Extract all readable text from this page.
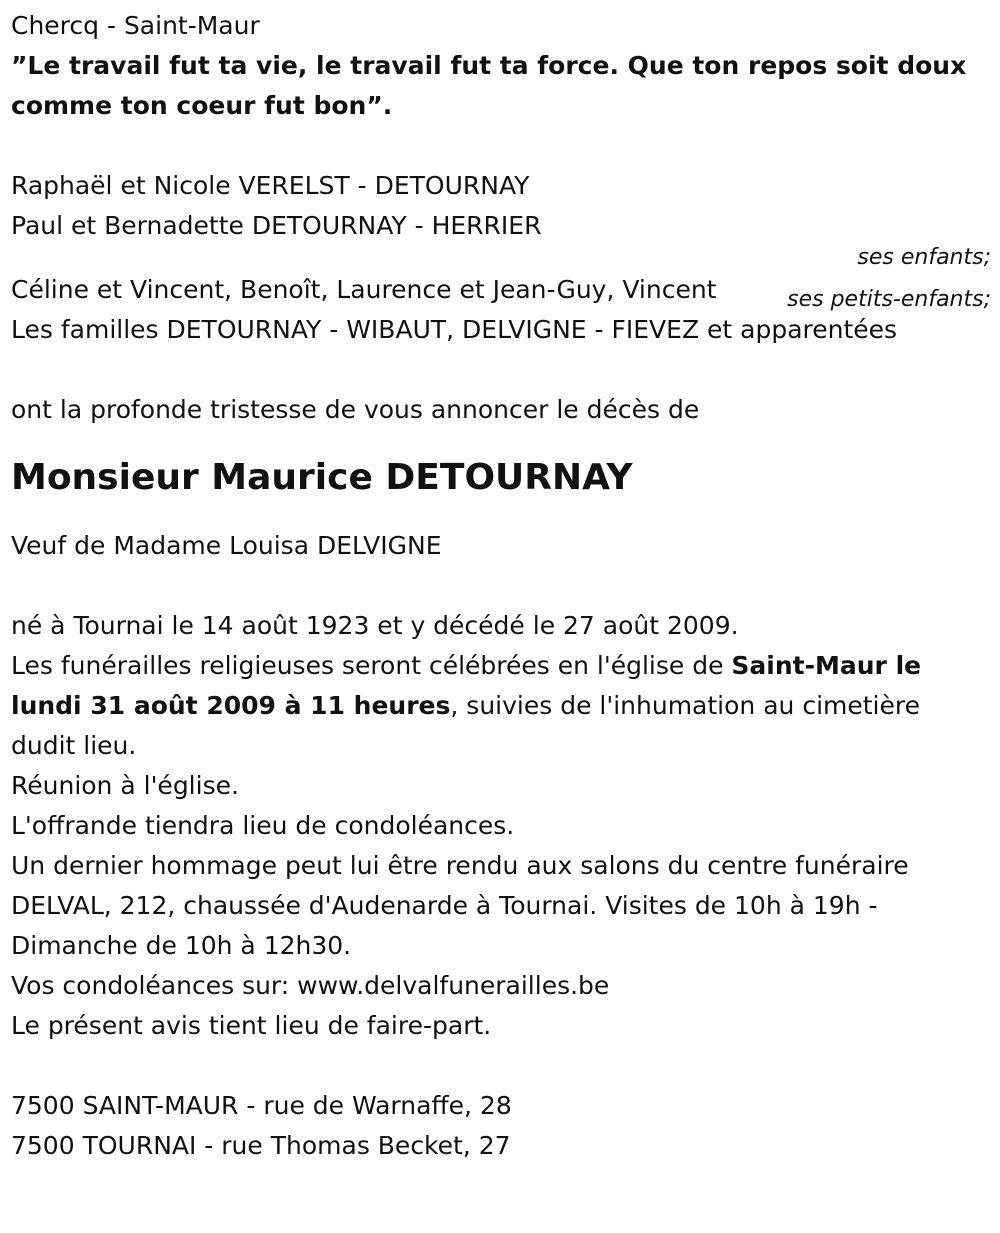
Chercq - Saint-Maur
”Le travail fut ta vie, le travail fut ta force. Que ton repos soit doux comme ton coeur fut bon”.
Raphaël et Nicole VERELST - DETOURNAY
Paul et Bernadette DETOURNAY - HERRIER
ses enfants;
Céline et Vincent, Benoît, Laurence et Jean-Guy, Vincent	ses petits-enfants;
Les familles DETOURNAY - WIBAUT, DELVIGNE - FIEVEZ et apparentées
ont la profonde tristesse de vous annoncer le décès de
Monsieur Maurice DETOURNAY
Veuf de Madame Louisa DELVIGNE
né à Tournai le 14 août 1923 et y décédé le 27 août 2009.
Les funérailles religieuses seront célébrées en l'église de Saint-Maur le lundi 31 août 2009 à 11 heures, suivies de l'inhumation au cimetière dudit lieu.
Réunion à l'église.
L'offrande tiendra lieu de condoléances.
Un dernier hommage peut lui être rendu aux salons du centre funéraire DELVAL, 212, chaussée d'Audenarde à Tournai. Visites de 10h à 19h - Dimanche de 10h à 12h30.
Vos condoléances sur: www.delvalfunerailles.be
Le présent avis tient lieu de faire-part.
7500 SAINT-MAUR - rue de Warnaffe, 28
7500 TOURNAI - rue Thomas Becket, 27
